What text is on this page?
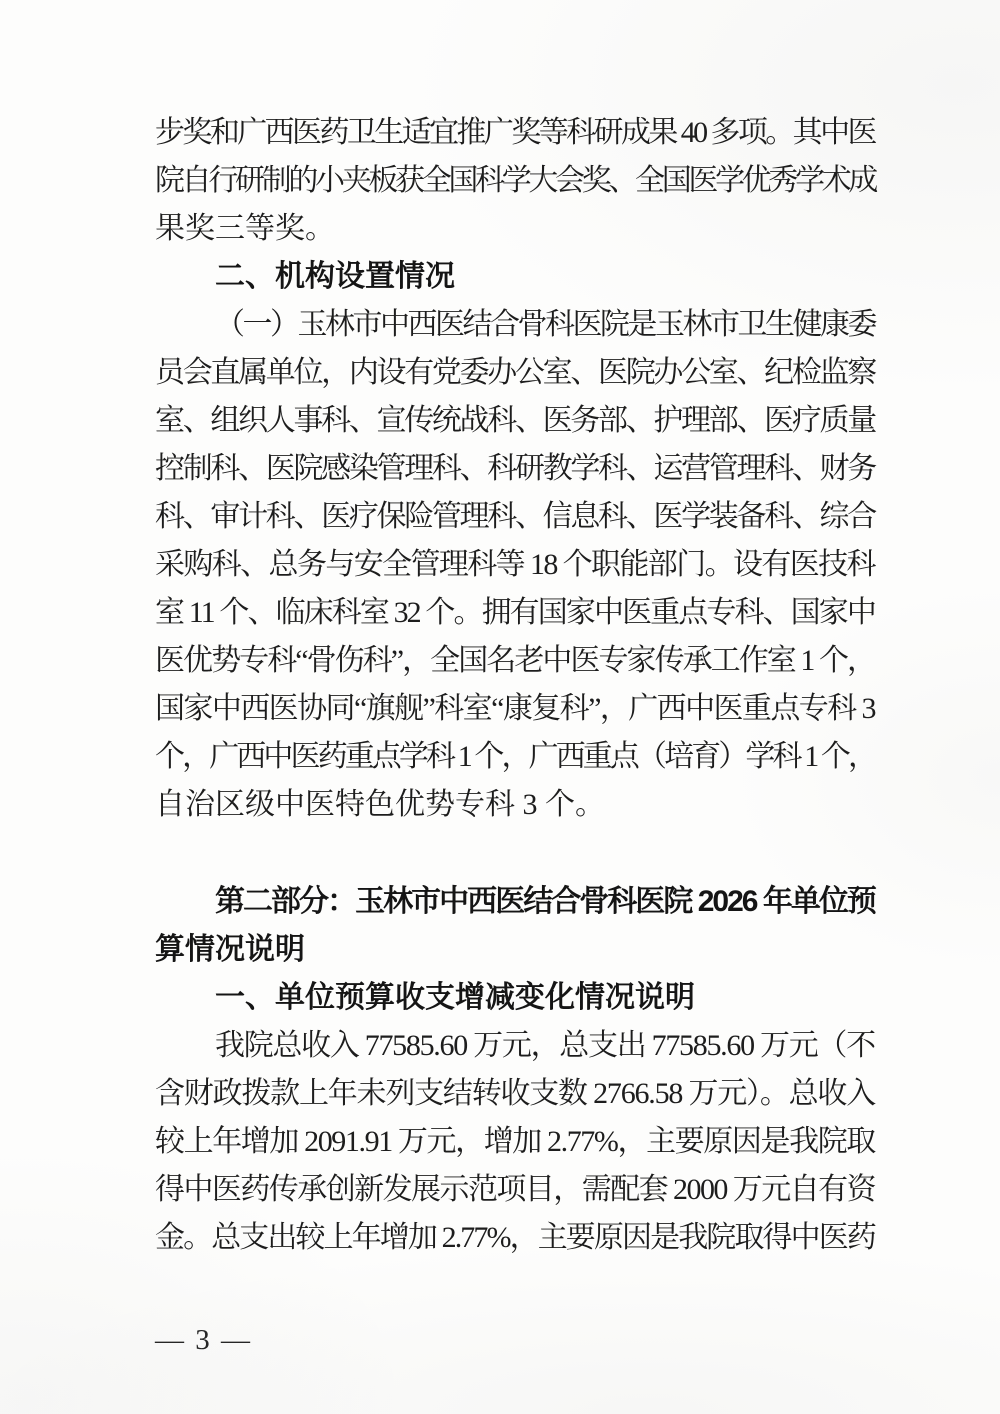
步奖和广西医药卫生适宜推广奖等科研成果 40 多项。其中医
院自行研制的小夹板获全国科学大会奖、全国医学优秀学术成
果奖三等奖。
二、机构设置情况
（一）玉林市中西医结合骨科医院是玉林市卫生健康委
员会直属单位，内设有党委办公室、医院办公室、纪检监察
室、组织人事科、宣传统战科、医务部、护理部、医疗质量
控制科、医院感染管理科、科研教学科、运营管理科、财务
科、审计科、医疗保险管理科、信息科、医学装备科、综合
采购科、总务与安全管理科等 18 个职能部门。设有医技科
室 11 个、临床科室 32 个。拥有国家中医重点专科、国家中
医优势专科“骨伤科”，全国名老中医专家传承工作室 1 个，
国家中西医协同“旗舰”科室“康复科”，广西中医重点专科 3
个，广西中医药重点学科 1 个，广西重点（培育）学科 1 个，
自治区级中医特色优势专科 3 个。
第二部分：玉林市中西医结合骨科医院 2026 年单位预
算情况说明
一、单位预算收支增减变化情况说明
我院总收入 77585.60 万元，总支出 77585.60 万元（不
含财政拨款上年未列支结转收支数 2766.58 万元）。总收入
较上年增加 2091.91 万元，增加 2.77%，主要原因是我院取
得中医药传承创新发展示范项目，需配套 2000 万元自有资
金。总支出较上年增加 2.77%，主要原因是我院取得中医药
— 3 —
